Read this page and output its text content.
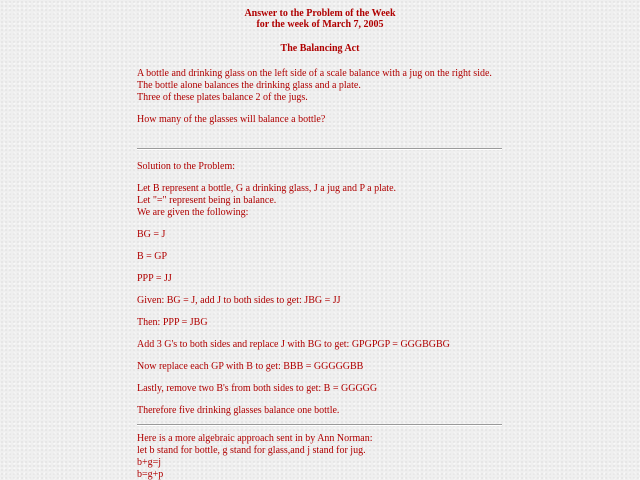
Answer to the Problem of the Week
for the week of March 7, 2005
The Balancing Act
A bottle and drinking glass on the left side of a scale balance with a jug on the right side.
The bottle alone balances the drinking glass and a plate.
Three of these plates balance 2 of the jugs.
How many of the glasses will balance a bottle?
Solution to the Problem:
Let B represent a bottle, G a drinking glass, J a jug and P a plate.
Let "=" represent being in balance.
We are given the following:
BG = J
B = GP
PPP = JJ
Given: BG = J, add J to both sides to get: JBG = JJ
Then: PPP = JBG
Add 3 G's to both sides and replace J with BG to get: GPGPGP = GGGBGBG
Now replace each GP with B to get: BBB = GGGGGBB
Lastly, remove two B's from both sides to get: B = GGGGG
Therefore five drinking glasses balance one bottle.
Here is a more algebraic approach sent in by Ann Norman:
let b stand for bottle, g stand for glass,and j stand for jug.
b+g=j
b=g+p
